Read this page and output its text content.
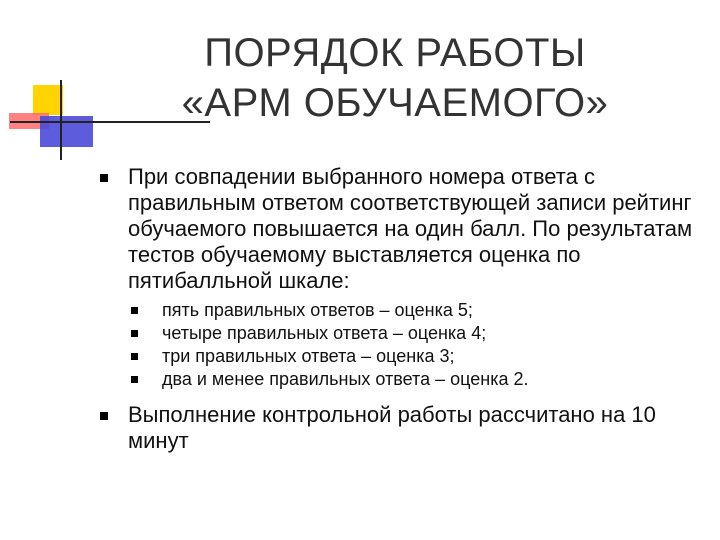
ПОРЯДОК РАБОТЫ
«АРМ ОБУЧАЕМОГО»

При совпадении выбранного номера ответа с правильным ответом соответствующей записи рейтинг обучаемого повышается на один балл. По результатам тестов обучаемому выставляется оценка по пятибалльной шкале:

пять правильных ответов – оценка 5;

четыре правильных ответа – оценка 4;

три правильных ответа – оценка 3;

два и менее правильных ответа – оценка 2.

Выполнение контрольной работы рассчитано на 10 минут
